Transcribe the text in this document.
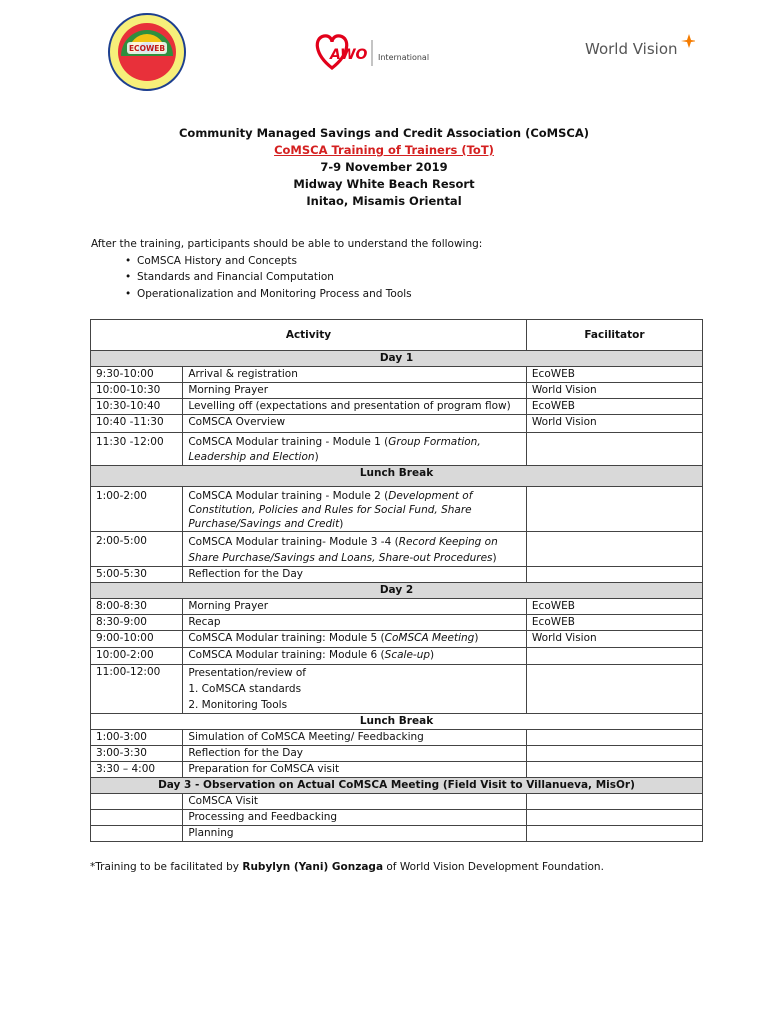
ECOWEB	AWO International	World Vision
Community Managed Savings and Credit Association (CoMSCA)
CoMSCA Training of Trainers (ToT)
7-9 November 2019
Midway White Beach Resort
Initao, Misamis Oriental
After the training, participants should be able to understand the following:
• CoMSCA History and Concepts
• Standards and Financial Computation
• Operationalization and Monitoring Process and Tools
Activity		Facilitator
Day 1		
9:30-10:00	Arrival & registration	EcoWEB
10:00-10:30	Morning Prayer	World Vision
10:30-10:40	Levelling off (expectations and presentation of program flow)	EcoWEB
10:40 -11:30	CoMSCA Overview	World Vision
11:30 -12:00	CoMSCA Modular training - Module 1 (Group Formation, Leadership and Election)	
Lunch Break		
1:00-2:00	CoMSCA Modular training - Module 2 (Development of Constitution, Policies and Rules for Social Fund, Share Purchase/Savings and Credit)	
2:00-5:00	CoMSCA Modular training- Module 3 -4 (Record Keeping on Share Purchase/Savings and Loans, Share-out Procedures)	
5:00-5:30	Reflection for the Day	
Day 2		
8:00-8:30	Morning Prayer	EcoWEB
8:30-9:00	Recap	EcoWEB
9:00-10:00	CoMSCA Modular training: Module 5 (CoMSCA Meeting)	World Vision
10:00-2:00	CoMSCA Modular training: Module 6 (Scale-up)	
11:00-12:00	Presentation/review of
1. CoMSCA standards
2. Monitoring Tools	

Lunch Break		
1:00-3:00	Simulation of CoMSCA Meeting/ Feedbacking	
3:00-3:30	Reflection for the Day	
3:30 – 4:00	Preparation for CoMSCA visit	
Day 3 - Observation on Actual CoMSCA Meeting (Field Visit to Villanueva, MisOr)		
	CoMSCA Visit	
	Processing and Feedbacking	
	Planning	
*Training to be facilitated by Rubylyn (Yani) Gonzaga of World Vision Development Foundation.
